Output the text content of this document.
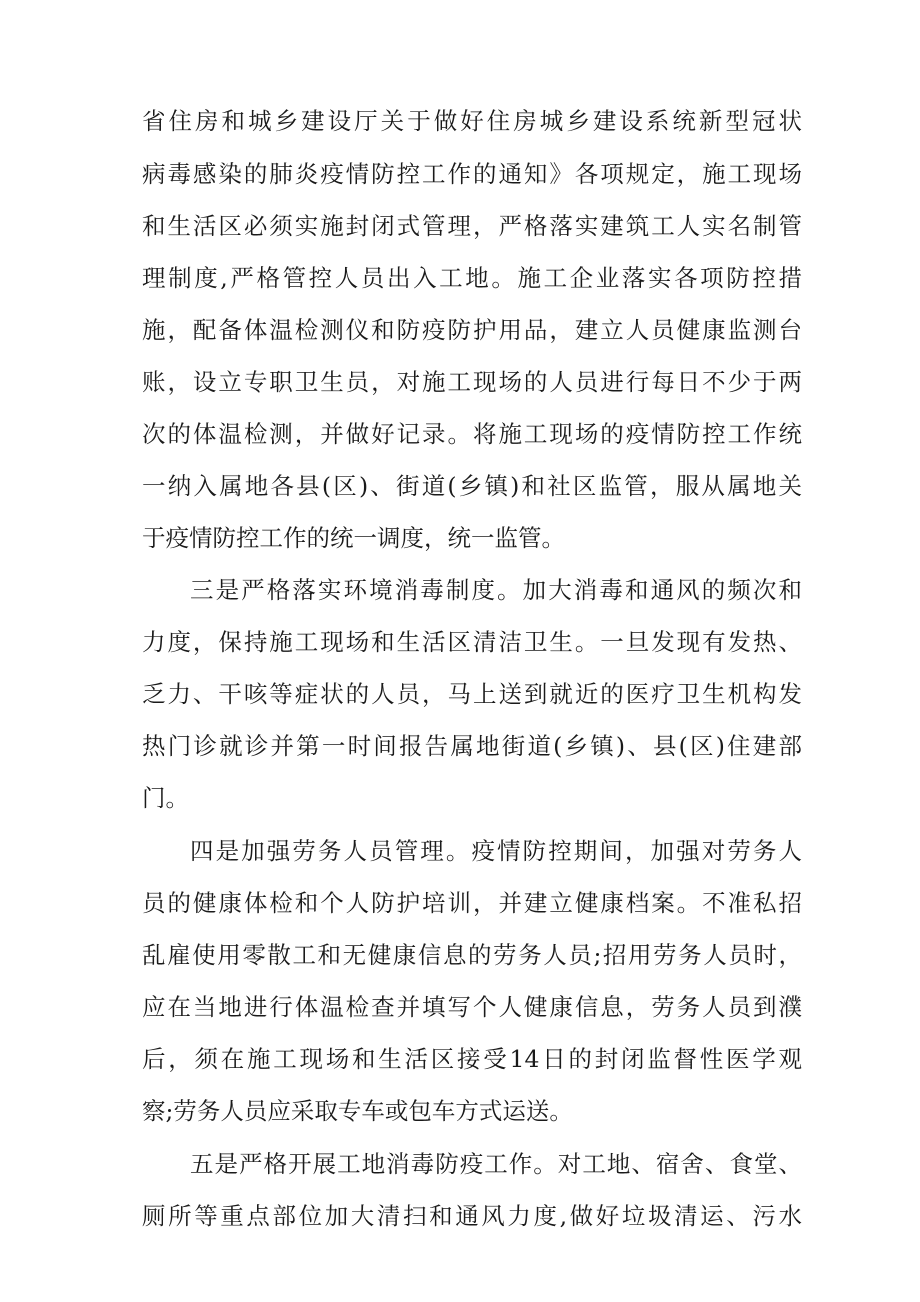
省住房和城乡建设厅关于做好住房城乡建设系统新型冠状
病毒感染的肺炎疫情防控工作的通知》各项规定，施工现场
和生活区必须实施封闭式管理，严格落实建筑工人实名制管
理制度,严格管控人员出入工地。施工企业落实各项防控措
施，配备体温检测仪和防疫防护用品，建立人员健康监测台
账，设立专职卫生员，对施工现场的人员进行每日不少于两
次的体温检测，并做好记录。将施工现场的疫情防控工作统
一纳入属地各县(区)、街道(乡镇)和社区监管，服从属地关
于疫情防控工作的统一调度，统一监管。
三是严格落实环境消毒制度。加大消毒和通风的频次和
力度，保持施工现场和生活区清洁卫生。一旦发现有发热、
乏力、干咳等症状的人员，马上送到就近的医疗卫生机构发
热门诊就诊并第一时间报告属地街道(乡镇)、县(区)住建部
门。
四是加强劳务人员管理。疫情防控期间，加强对劳务人
员的健康体检和个人防护培训，并建立健康档案。不准私招
乱雇使用零散工和无健康信息的劳务人员;招用劳务人员时，
应在当地进行体温检查并填写个人健康信息，劳务人员到濮
后，须在施工现场和生活区接受14日的封闭监督性医学观
察;劳务人员应采取专车或包车方式运送。
五是严格开展工地消毒防疫工作。对工地、宿舍、食堂、
厕所等重点部位加大清扫和通风力度,做好垃圾清运、污水
